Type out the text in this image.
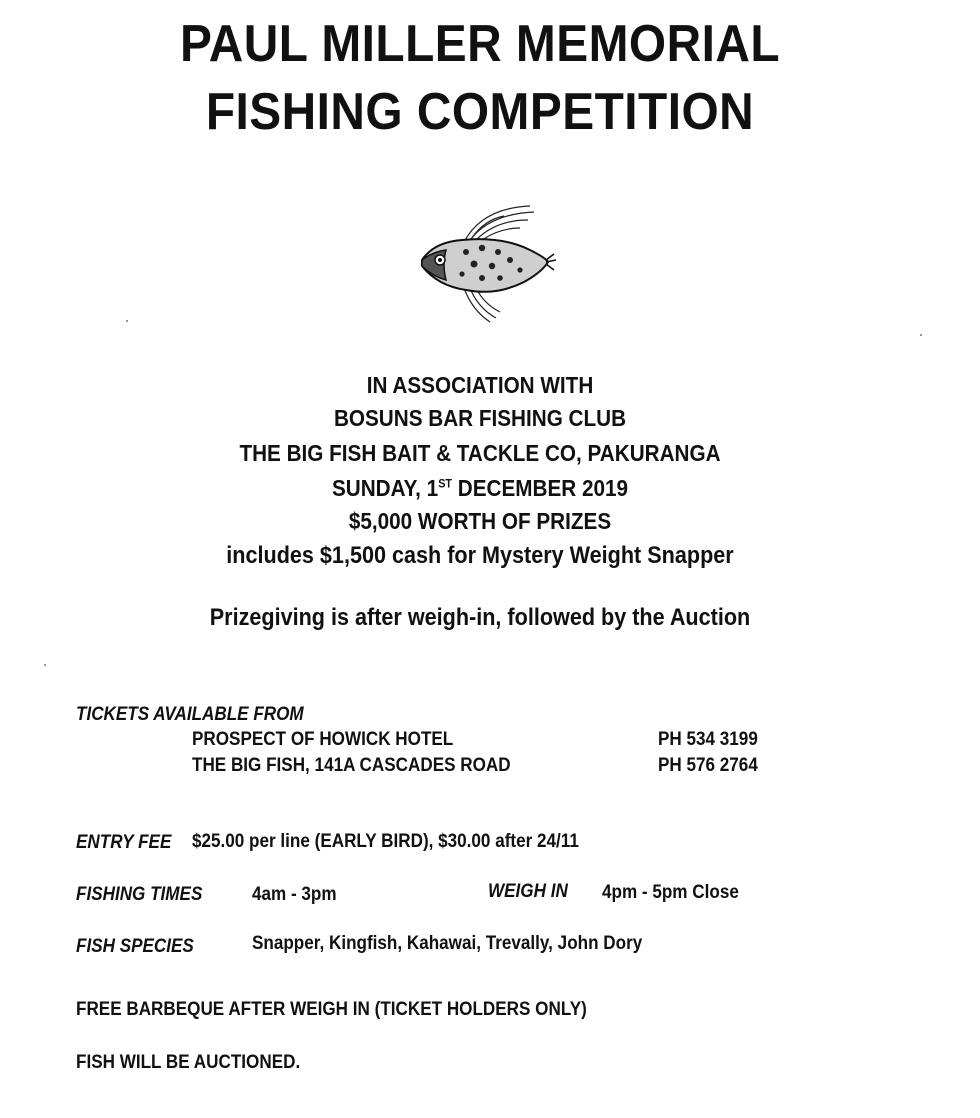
PAUL MILLER MEMORIAL
FISHING COMPETITION
IN ASSOCIATION WITH
BOSUNS BAR FISHING CLUB
THE BIG FISH BAIT & TACKLE CO, PAKURANGA
SUNDAY, 1ST DECEMBER 2019
$5,000 WORTH OF PRIZES
includes $1,500 cash for Mystery Weight Snapper
Prizegiving is after weigh-in, followed by the Auction
TICKETS AVAILABLE FROM
PROSPECT OF HOWICK HOTEL	PH 534 3199
THE BIG FISH, 141A CASCADES ROAD	PH 576 2764
ENTRY FEE $25.00 per line (EARLY BIRD), $30.00 after 24/11
FISHING TIMES	4am - 3pm	WEIGH IN 4pm - 5pm Close
FISH SPECIES	Snapper, Kingfish, Kahawai, Trevally, John Dory
FREE BARBEQUE AFTER WEIGH IN (TICKET HOLDERS ONLY)
FISH WILL BE AUCTIONED.
